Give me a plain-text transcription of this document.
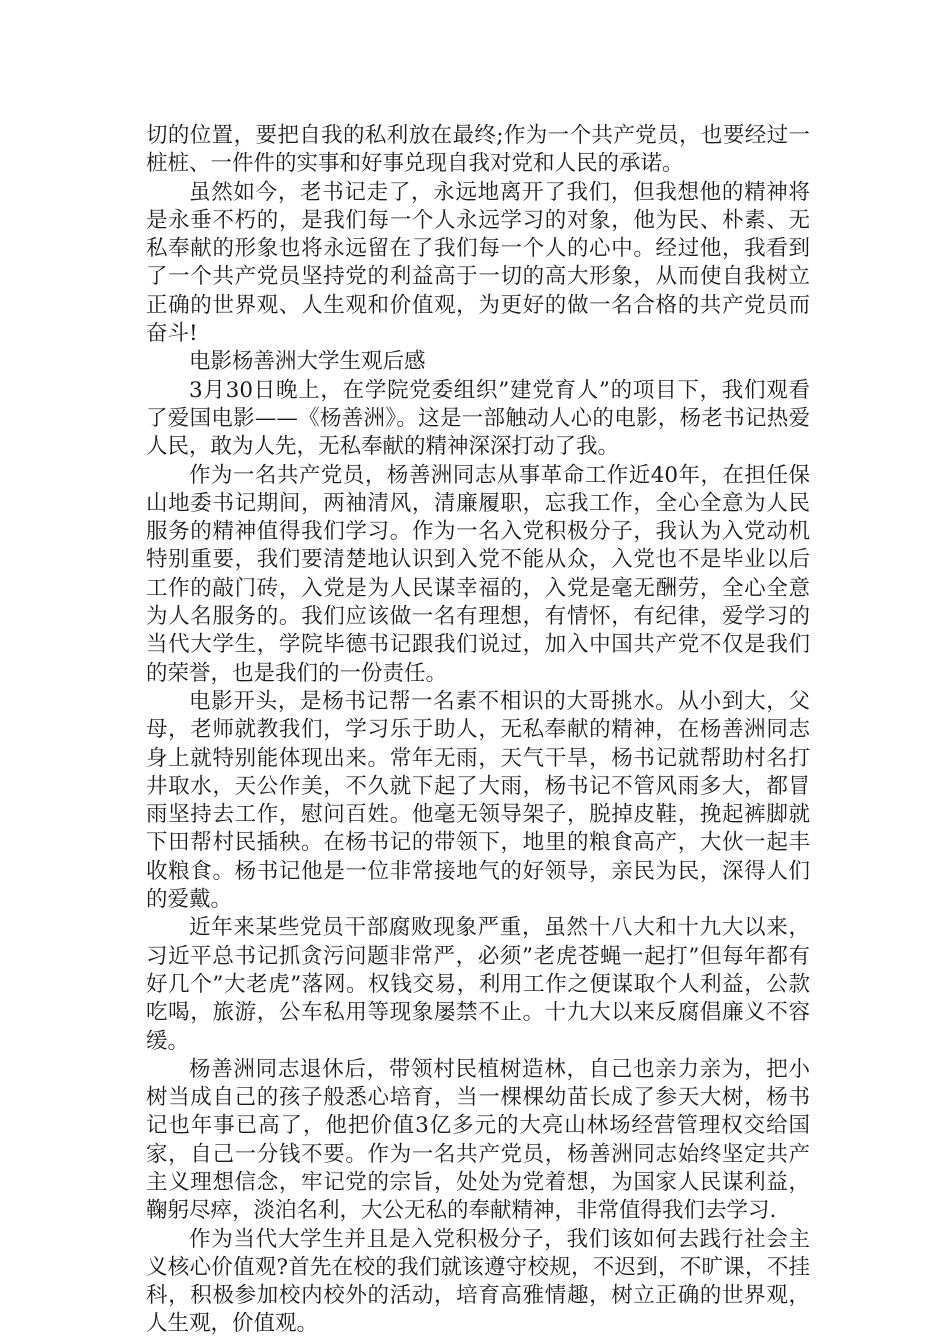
切的位置，要把自我的私利放在最终;作为一个共产党员，也要经过一桩桩、一件件的实事和好事兑现自我对党和人民的承诺。

虽然如今，老书记走了，永远地离开了我们，但我想他的精神将是永垂不朽的，是我们每一个人永远学习的对象，他为民、朴素、无私奉献的形象也将永远留在了我们每一个人的心中。经过他，我看到了一个共产党员坚持党的利益高于一切的高大形象，从而使自我树立正确的世界观、人生观和价值观，为更好的做一名合格的共产党员而奋斗!

电影杨善洲大学生观后感

3月30日晚上，在学院党委组织”建党育人”的项目下，我们观看了爱国电影——《杨善洲》。这是一部触动人心的电影，杨老书记热爱人民，敢为人先，无私奉献的精神深深打动了我。

作为一名共产党员，杨善洲同志从事革命工作近40年，在担任保山地委书记期间，两袖清风，清廉履职，忘我工作，全心全意为人民服务的精神值得我们学习。作为一名入党积极分子，我认为入党动机特别重要，我们要清楚地认识到入党不能从众，入党也不是毕业以后工作的敲门砖，入党是为人民谋幸福的，入党是毫无酬劳，全心全意为人名服务的。我们应该做一名有理想，有情怀，有纪律，爱学习的当代大学生，学院毕德书记跟我们说过，加入中国共产党不仅是我们的荣誉，也是我们的一份责任。

电影开头，是杨书记帮一名素不相识的大哥挑水。从小到大，父母，老师就教我们，学习乐于助人，无私奉献的精神，在杨善洲同志身上就特别能体现出来。常年无雨，天气干旱，杨书记就帮助村名打井取水，天公作美，不久就下起了大雨，杨书记不管风雨多大，都冒雨坚持去工作，慰问百姓。他毫无领导架子，脱掉皮鞋，挽起裤脚就下田帮村民插秧。在杨书记的带领下，地里的粮食高产，大伙一起丰收粮食。杨书记他是一位非常接地气的好领导，亲民为民，深得人们的爱戴。

近年来某些党员干部腐败现象严重，虽然十八大和十九大以来，习近平总书记抓贪污问题非常严，必须”老虎苍蝇一起打”但每年都有好几个”大老虎”落网。权钱交易，利用工作之便谋取个人利益，公款吃喝，旅游，公车私用等现象屡禁不止。十九大以来反腐倡廉义不容缓。

杨善洲同志退休后，带领村民植树造林，自己也亲力亲为，把小树当成自己的孩子般悉心培育，当一棵棵幼苗长成了参天大树，杨书记也年事已高了，他把价值3亿多元的大亮山林场经营管理权交给国家，自己一分钱不要。作为一名共产党员，杨善洲同志始终坚定共产主义理想信念，牢记党的宗旨，处处为党着想，为国家人民谋利益，鞠躬尽瘁，淡泊名利，大公无私的奉献精神，非常值得我们去学习.

作为当代大学生并且是入党积极分子，我们该如何去践行社会主义核心价值观?首先在校的我们就该遵守校规，不迟到，不旷课，不挂科，积极参加校内校外的活动，培育高雅情趣，树立正确的世界观，人生观，价值观。
